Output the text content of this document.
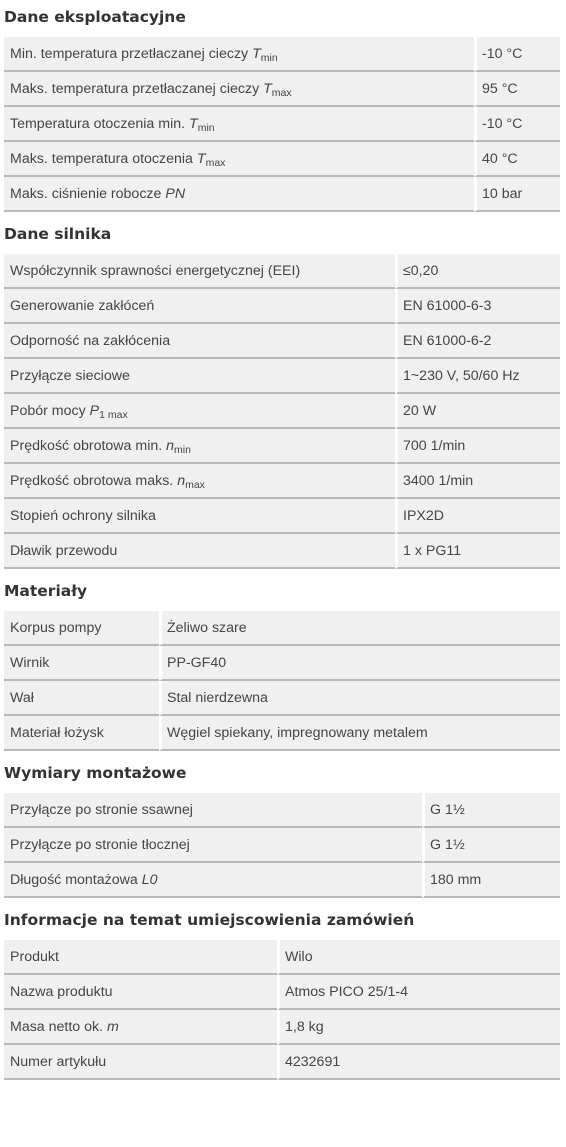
Dane eksploatacyjne
Min. temperatura przetłaczanej cieczy $T_{min}$	-10 °C
Maks. temperatura przetłaczanej cieczy $T_{max}$	95 °C
Temperatura otoczenia min. $T_{min}$	-10 °C
Maks. temperatura otoczenia $T_{max}$	40 °C
Maks. ciśnienie robocze PN	10 bar
Dane silnika
Współczynnik sprawności energetycznej (EEI)	≤0,20
Generowanie zakłóceń	EN 61000-6-3
Odporność na zakłócenia	EN 61000-6-2
Przyłącze sieciowe	1~230 V, 50/60 Hz
Pobór mocy $P_{1 max}$	20 W
Prędkość obrotowa min. $n_{min}$	700 1/min
Prędkość obrotowa maks. $n_{max}$	3400 1/min
Stopień ochrony silnika	IPX2D
Dławik przewodu	1 x PG11
Materiały
Korpus pompy	Żeliwo szare
Wirnik	PP-GF40
Wał	Stal nierdzewna
Materiał łożysk	Węgiel spiekany, impregnowany metalem
Wymiary montażowe
Przyłącze po stronie ssawnej	G 1½
Przyłącze po stronie tłocznej	G 1½
Długość montażowa L0	180 mm
Informacje na temat umiejscowienia zamówień
Produkt	Wilo
Nazwa produktu	Atmos PICO 25/1-4
Masa netto ok. m	1,8 kg
Numer artykułu	4232691
